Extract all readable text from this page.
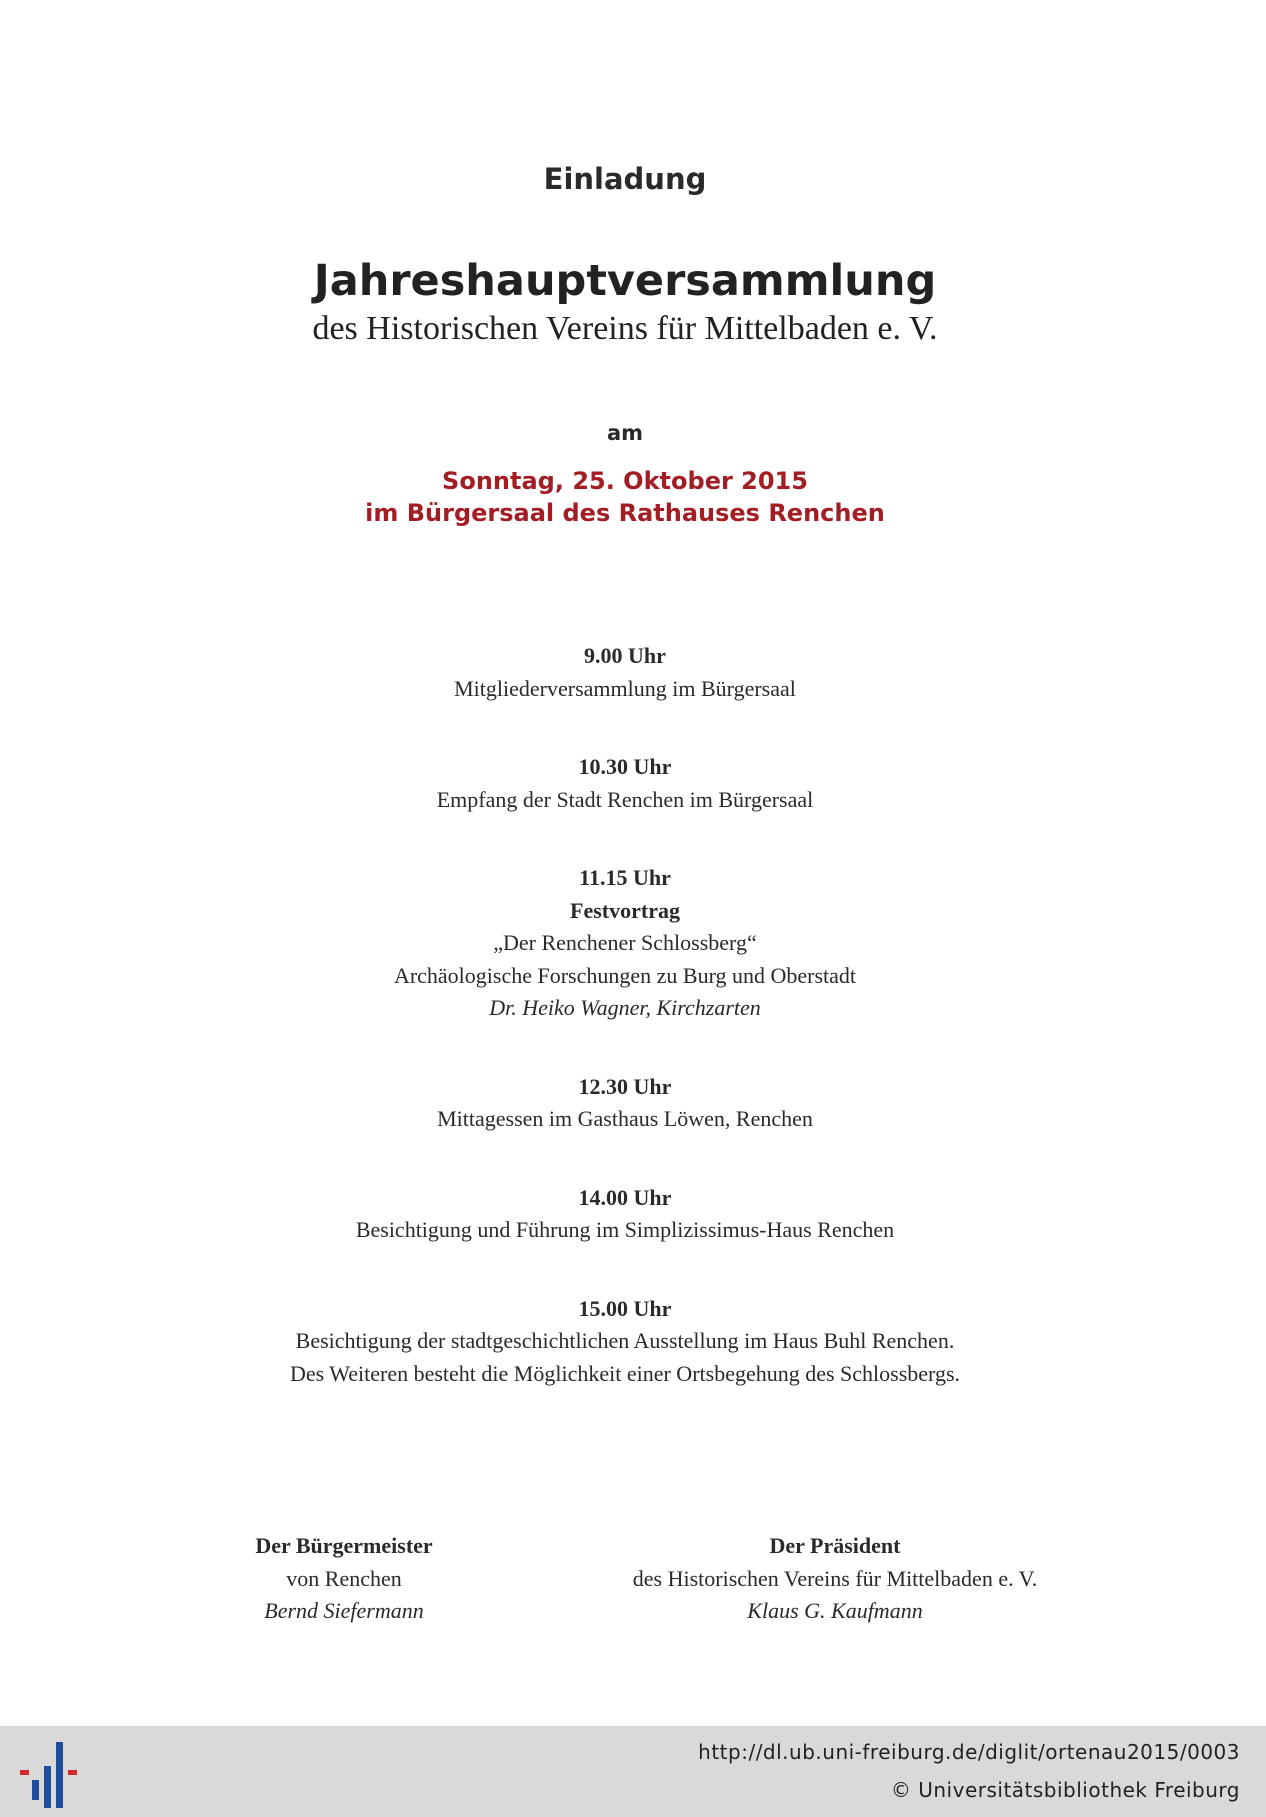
Einladung
Jahreshauptversammlung
des Historischen Vereins für Mittelbaden e. V.
am
Sonntag, 25. Oktober 2015
im Bürgersaal des Rathauses Renchen
9.00 Uhr
Mitgliederversammlung im Bürgersaal
10.30 Uhr
Empfang der Stadt Renchen im Bürgersaal
11.15 Uhr
Festvortrag
„Der Renchener Schlossberg“
Archäologische Forschungen zu Burg und Oberstadt
Dr. Heiko Wagner, Kirchzarten
12.30 Uhr
Mittagessen im Gasthaus Löwen, Renchen
14.00 Uhr
Besichtigung und Führung im Simplizissimus-Haus Renchen
15.00 Uhr
Besichtigung der stadtgeschichtlichen Ausstellung im Haus Buhl Renchen.
Des Weiteren besteht die Möglichkeit einer Ortsbegehung des Schlossbergs.
Der Bürgermeister
von Renchen
Bernd Siefermann
Der Präsident
des Historischen Vereins für Mittelbaden e. V.
Klaus G. Kaufmann
http://dl.ub.uni-freiburg.de/diglit/ortenau2015/0003
© Universitätsbibliothek Freiburg
